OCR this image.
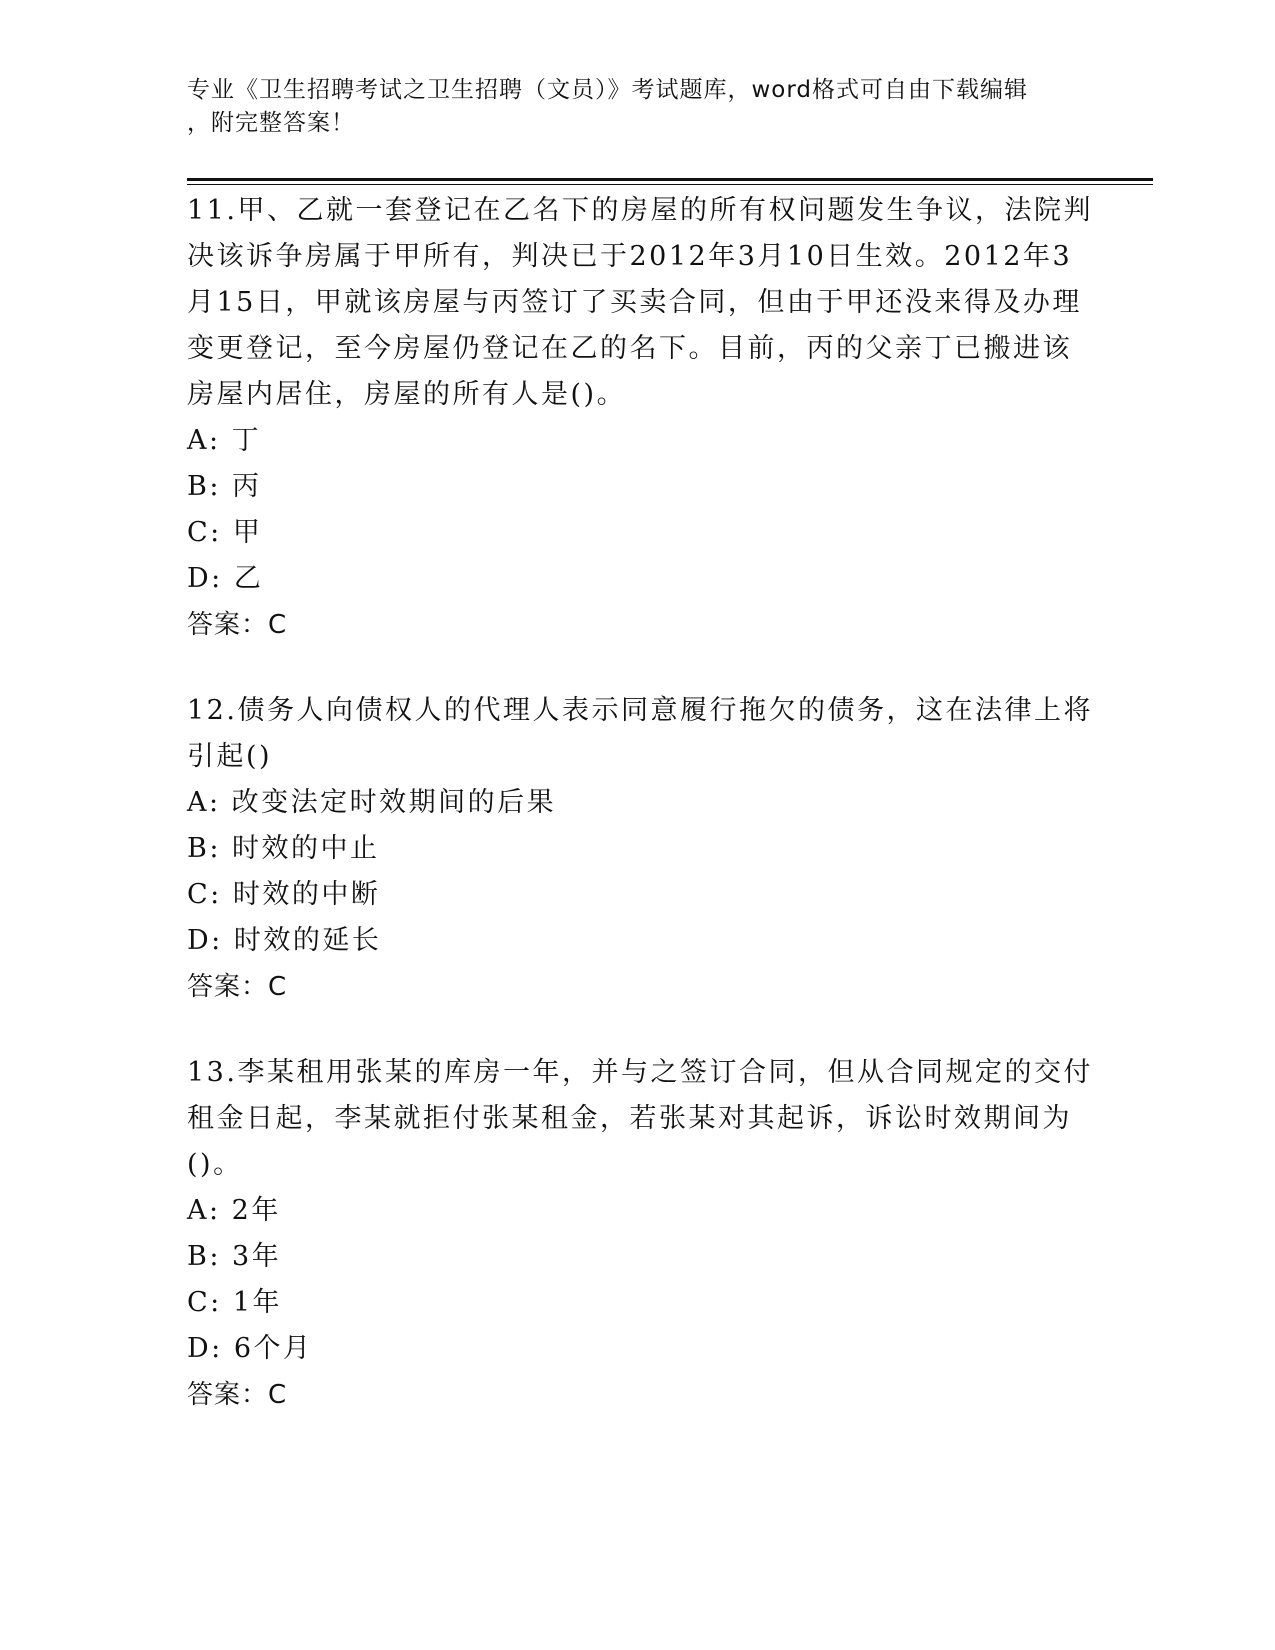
专业《卫生招聘考试之卫生招聘（文员）》考试题库，word格式可自由下载编辑

，附完整答案！

11.甲、乙就一套登记在乙名下的房屋的所有权问题发生争议，法院判
决该诉争房属于甲所有，判决已于2012年3月10日生效。2012年3
月15日，甲就该房屋与丙签订了买卖合同，但由于甲还没来得及办理
变更登记，至今房屋仍登记在乙的名下。目前，丙的父亲丁已搬进该
房屋内居住，房屋的所有人是()。
A: 丁
B: 丙
C: 甲
D: 乙
答案：C
12.债务人向债权人的代理人表示同意履行拖欠的债务，这在法律上将
引起()
A: 改变法定时效期间的后果
B: 时效的中止
C: 时效的中断
D: 时效的延长
答案：C
13.李某租用张某的库房一年，并与之签订合同，但从合同规定的交付
租金日起，李某就拒付张某租金，若张某对其起诉，诉讼时效期间为
()。
A: 2年
B: 3年
C: 1年
D: 6个月
答案：C
